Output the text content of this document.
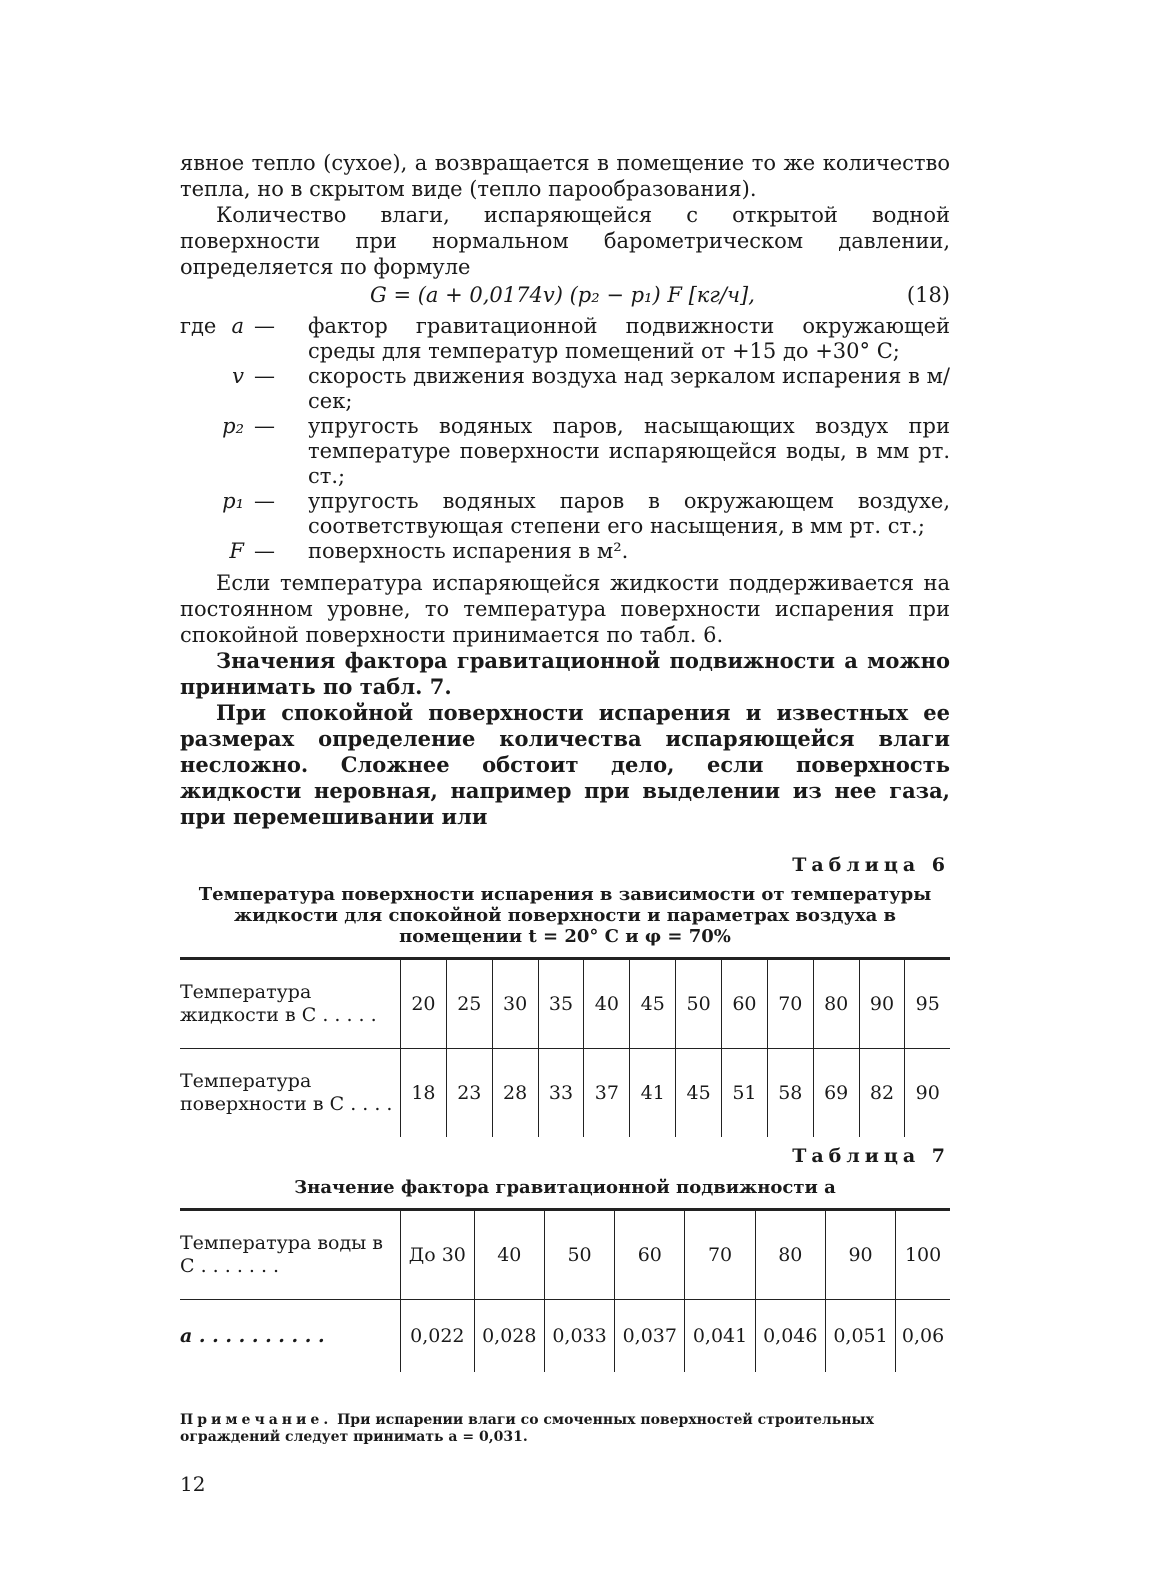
явное тепло (сухое), а возвращается в помещение то же количество тепла, но в скрытом виде (тепло парообразования).

Количество влаги, испаряющейся с открытой водной поверхности при нормальном барометрическом давлении, определяется по формуле

G = (a + 0,0174v) (p₂ − p₁) F [кг/ч],	(18)
где a —	фактор гравитационной подвижности окружающей среды для температур помещений от +15 до +30° С;
v —	скорость движения воздуха над зеркалом испарения в м/сек;
p₂ —	упругость водяных паров, насыщающих воздух при температуре поверхности испаряющейся воды, в мм рт. ст.;
p₁ —	упругость водяных паров в окружающем воздухе, соответствующая степени его насыщения, в мм рт. ст.;
F —	поверхность испарения в м².

Если температура испаряющейся жидкости поддерживается на постоянном уровне, то температура поверхности испарения при спокойной поверхности принимается по табл. 6.

Значения фактора гравитационной подвижности a можно принимать по табл. 7.

При спокойной поверхности испарения и известных ее размерах определение количества испаряющейся влаги несложно. Сложнее обстоит дело, если поверхность жидкости неровная, например при выделении из нее газа, при перемешивании или

Таблица 6
Температура поверхности испарения в зависимости от температуры жидкости для спокойной поверхности и параметрах воздуха в помещении t = 20° С и φ = 70%
Температура жидкости в С . . . . .	20	25	30	35	40	45	50	60	70	80	90	95
Температура поверхности в С . . . .	18	23	28	33	37	41	45	51	58	69	82	90
Таблица 7
Значение фактора гравитационной подвижности a
Температура воды в С . . . . . . .	До 30	40	50	60	70	80	90	100
a . . . . . . . . . .	0,022	0,028	0,033	0,037	0,041	0,046	0,051	0,06
Примечание. При испарении влаги со смоченных поверхностей строительных ограждений следует принимать a = 0,031.
12
